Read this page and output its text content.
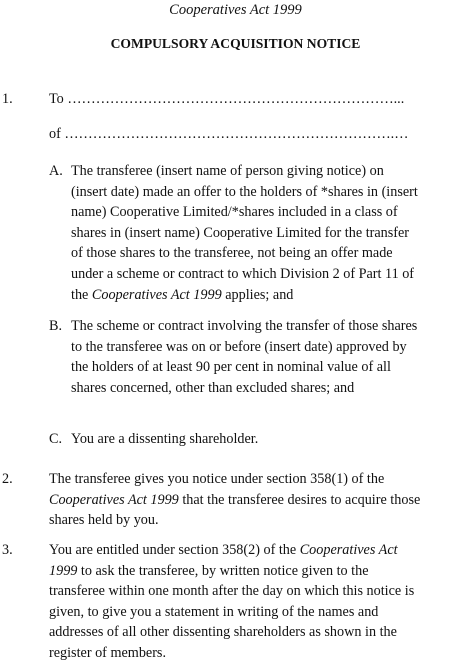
Cooperatives Act 1999
COMPULSORY ACQUISITION NOTICE
1.	To ……………………………………………………………...
of …………………………………………………………….…
A. The transferee (insert name of person giving notice) on
(insert date) made an offer to the holders of *shares in (insert
name) Cooperative Limited/*shares included in a class of
shares in (insert name) Cooperative Limited for the transfer
of those shares to the transferee, not being an offer made
under a scheme or contract to which Division 2 of Part 11 of
the Cooperatives Act 1999 applies; and
B. The scheme or contract involving the transfer of those shares
to the transferee was on or before (insert date) approved by
the holders of at least 90 per cent in nominal value of all
shares concerned, other than excluded shares; and
C. You are a dissenting shareholder.
2.	The transferee gives you notice under section 358(1) of the
Cooperatives Act 1999 that the transferee desires to acquire those
shares held by you.
3.	You are entitled under section 358(2) of the Cooperatives Act
1999 to ask the transferee, by written notice given to the
transferee within one month after the day on which this notice is
given, to give you a statement in writing of the names and
addresses of all other dissenting shareholders as shown in the
register of members.
